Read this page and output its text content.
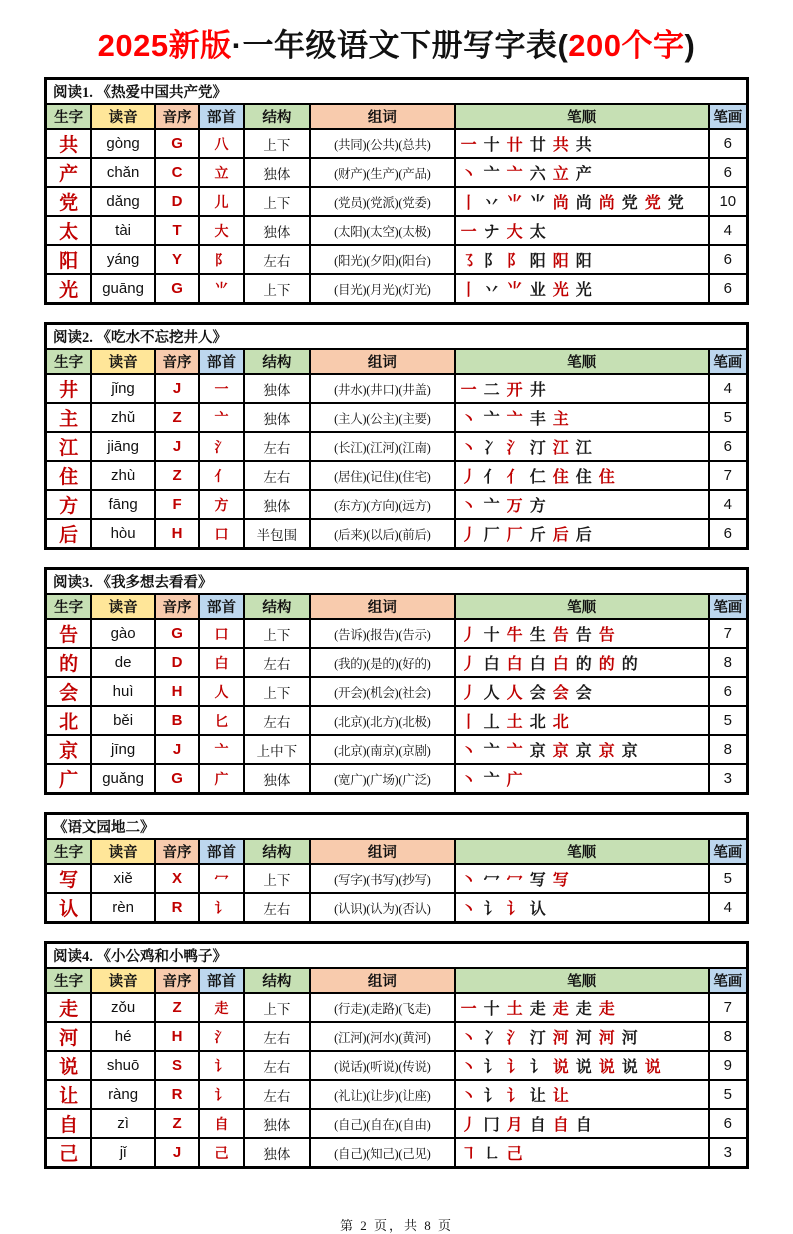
2025新版·一年级语文下册写字表(200个字)
阅读1. 《热爱中国共产党》							
生字	读音	音序	部首	结构	组词	笔顺	笔画
共	gòng	G	八	上下	(共同)(公共)(总共)	一 十 卄 廿 共 共	6
产	chǎn	C	立	独体	(财产)(生产)(产品)	丶 亠 亠 六 立 产	6
党	dǎng	D	儿	上下	(党员)(党派)(党委)	丨 丷 ⺌ ⺌ 尚 尚 尚 党 党 党	10
太	tài	T	大	独体	(太阳)(太空)(太极)	一 ナ 大 太	4
阳	yáng	Y	阝	左右	(阳光)(夕阳)(阳台)	㇌ 阝 阝 阳 阳 阳	6
光	guāng	G	⺌	上下	(目光)(月光)(灯光)	丨 丷 ⺌ 业 光 光	6
阅读2. 《吃水不忘挖井人》							
生字	读音	音序	部首	结构	组词	笔顺	笔画
井	jǐng	J	一	独体	(井水)(井口)(井盖)	一 二 开 井	4
主	zhǔ	Z	亠	独体	(主人)(公主)(主要)	丶 亠 亠 丰 主	5
江	jiāng	J	氵	左右	(长江)(江河)(江南)	丶 冫 氵 汀 江 江	6
住	zhù	Z	亻	左右	(居住)(记住)(住宅)	丿 亻 亻 仁 住 住 住	7
方	fāng	F	方	独体	(东方)(方向)(远方)	丶 亠 万 方	4
后	hòu	H	口	半包围	(后来)(以后)(前后)	丿 厂 厂 斤 后 后	6
阅读3. 《我多想去看看》							
生字	读音	音序	部首	结构	组词	笔顺	笔画
告	gào	G	口	上下	(告诉)(报告)(告示)	丿 十 牛 生 告 告 告	7
的	de	D	白	左右	(我的)(是的)(好的)	丿 白 白 白 白 的 的 的	8
会	huì	H	人	上下	(开会)(机会)(社会)	丿 人 人 会 会 会	6
北	běi	B	匕	左右	(北京)(北方)(北极)	丨 丄 土 北 北	5
京	jīng	J	亠	上中下	(北京)(南京)(京剧)	丶 亠 亠 京 京 京 京 京	8
广	guǎng	G	广	独体	(宽广)(广场)(广泛)	丶 亠 广	3
《语文园地二》							
生字	读音	音序	部首	结构	组词	笔顺	笔画
写	xiě	X	冖	上下	(写字)(书写)(抄写)	丶 冖 冖 写 写	5
认	rèn	R	讠	左右	(认识)(认为)(否认)	丶 讠 讠 认	4
阅读4. 《小公鸡和小鸭子》							
生字	读音	音序	部首	结构	组词	笔顺	笔画
走	zǒu	Z	走	上下	(行走)(走路)(飞走)	一 十 土 走 走 走 走	7
河	hé	H	氵	左右	(江河)(河水)(黄河)	丶 冫 氵 汀 河 河 河 河	8
说	shuō	S	讠	左右	(说话)(听说)(传说)	丶 讠 讠 讠 说 说 说 说 说	9
让	ràng	R	讠	左右	(礼让)(让步)(让座)	丶 讠 讠 让 让	5
自	zì	Z	自	独体	(自己)(自在)(自由)	丿 冂 月 自 自 自	6
己	jǐ	J	己	独体	(自己)(知己)(己见)	㇕ ㇗ 己	3
第 2 页，共 8 页
